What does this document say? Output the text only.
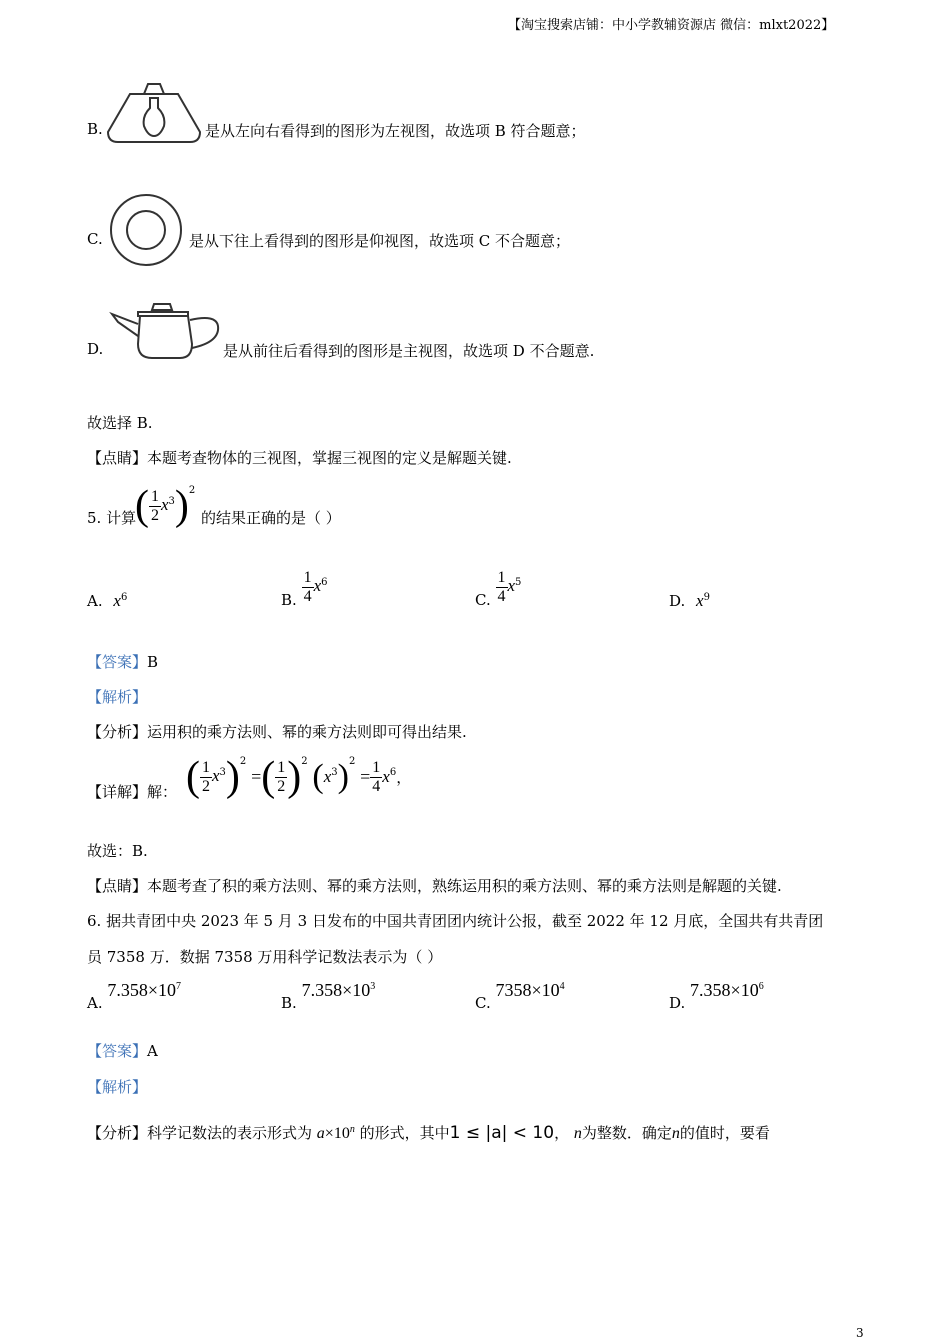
【淘宝搜索店铺：中小学教辅资源店 微信：mlxt2022】
B.	是从左向右看得到的图形为左视图，故选项 B 符合题意；
C.	是从下往上看得到的图形是仰视图，故选项 C 不合题意；
D.	是从前往后看得到的图形是主视图，故选项 D 不合题意.
故选择 B.
【点睛】本题考查物体的三视图，掌握三视图的定义是解题关键.
5. 计算
( $\frac{1}{2} x^3)^2$
的结果正确的是（ ）
A. $x^6$	B. $\frac{1}{4} x^6$
C. $\frac{1}{4} x^5$
D. $x^9$
【答案】B
【解析】
【分析】运用积的乘方法则、幂的乘方法则即可得出结果.
【详解】解： ( $\frac{1}{2} x^3)^2$ =( $\frac{1}{2} )^2$ $(x^3)^2 = \frac{1}{4} x^6$，
故选：B.
【点睛】本题考查了积的乘方法则、幂的乘方法则，熟练运用积的乘方法则、幂的乘方法则是解题的关键.
6. 据共青团中央 2023 年 5 月 3 日发布的中国共青团团内统计公报，截至 2022 年 12 月底，全国共有共青团
员 7358 万．数据 7358 万用科学记数法表示为（ ）
A. $7.358\times 10^7$
B. $7.358\times 10^3$
C. $7358\times 10^4$
D. $7.358\times 10^6$
【答案】A
【解析】
【分析】科学记数法的表示形式为 $a\times 10^n$ 的形式，其中1 ≤ |a| < 10， n为整数．确定n的值时，要看
3
